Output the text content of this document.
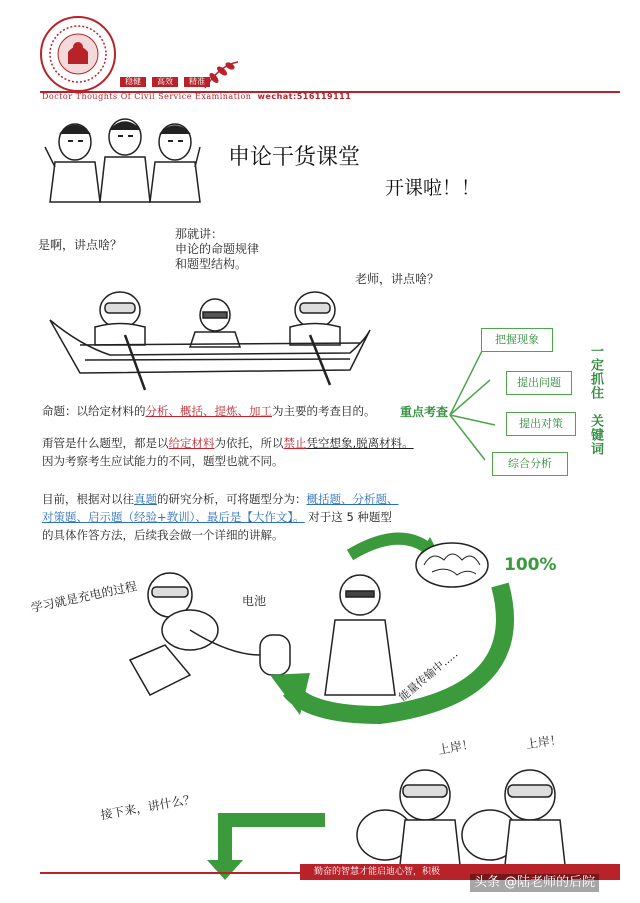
稳健	高效	精准
Doctor Thoughts Of Civil Service Examination wechat:516119111
申论干货课堂
开课啦！！
是啊，讲点啥？
那就讲：
申论的命题规律
和题型结构。
老师，讲点啥？
命题：以给定材料的分析、概括、提炼、加工为主要的考查目的。 重点考查
甭管是什么题型，都是以给定材料为依托，所以禁止凭空想象,脱离材料。
因为考察考生应试能力的不同，题型也就不同。
目前，根据对以往真题的研究分析，可将题型分为：概括题、分析题、
对策题、启示题（经验+教训）、最后是【大作文】。 对于这 5 种题型
的具体作答方法，后续我会做一个详细的讲解。
把握现象
提出问题
提出对策
综合分析
一定抓住
关键词
学习就是充电的过程	电池
100%
能量传输中.....
接下来，讲什么？
上岸！	上岸！
勤奋的智慧才能启迪心智，积极
头条 @陆老师的后院
